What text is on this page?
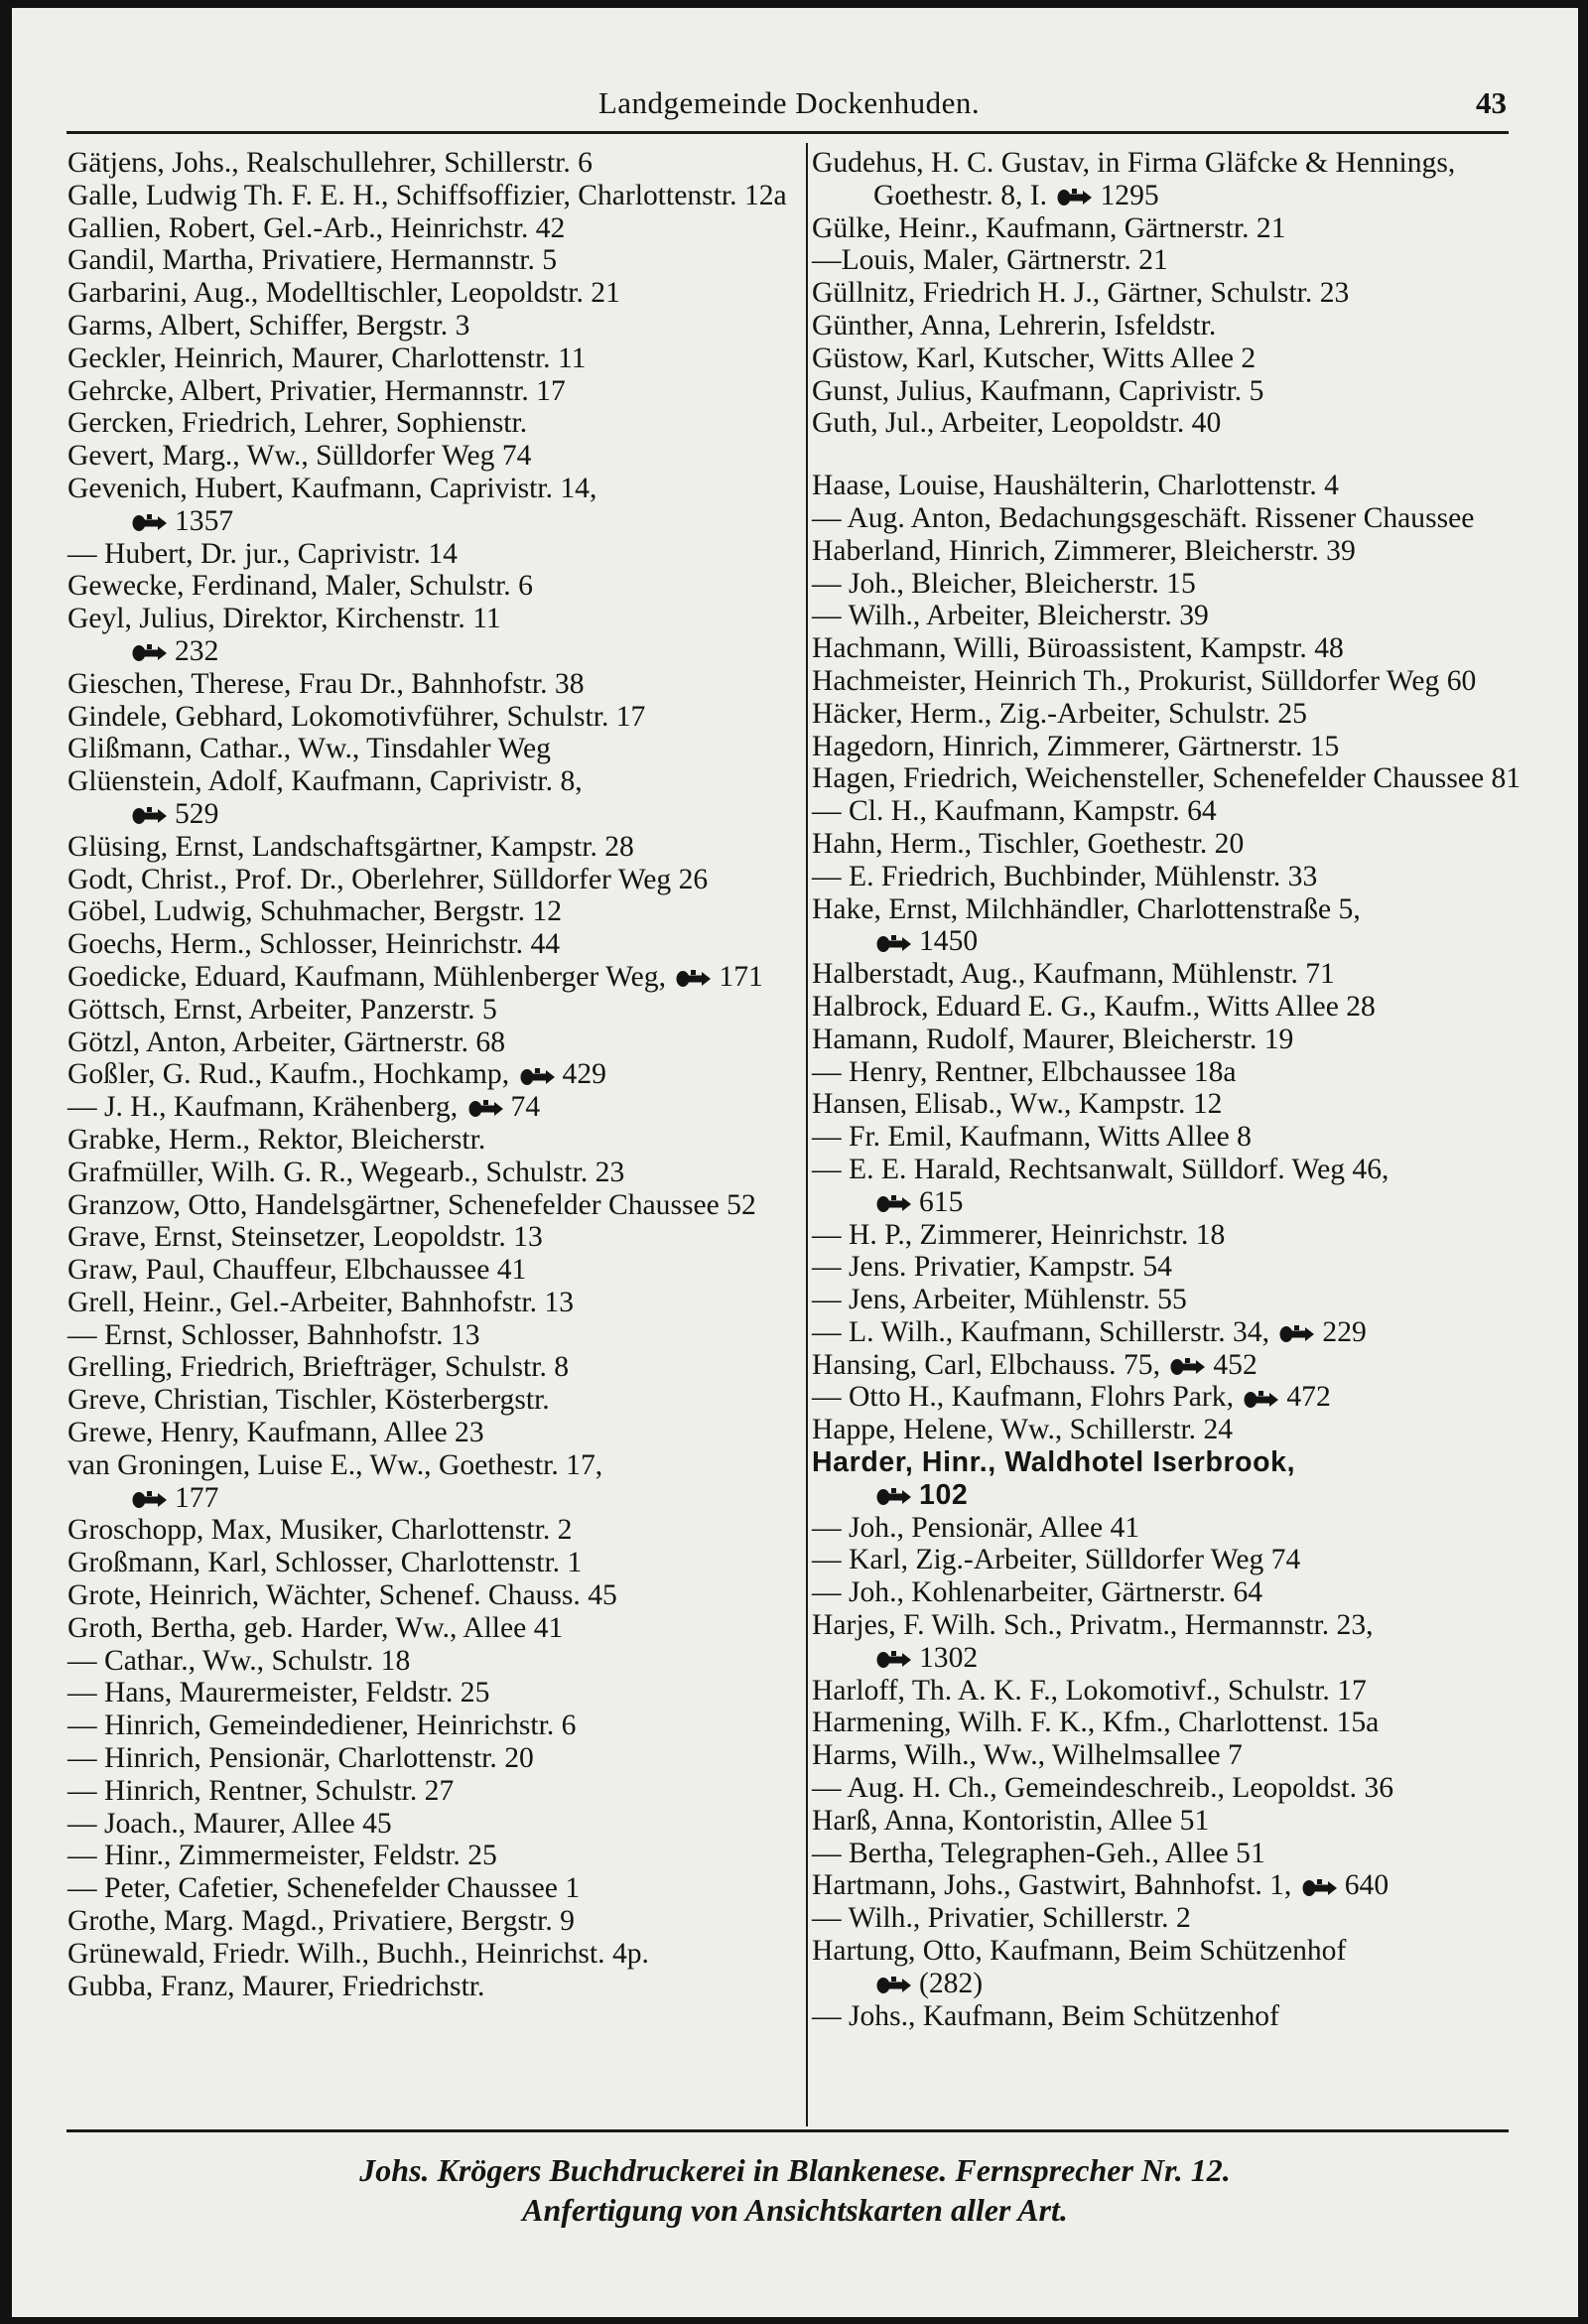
Landgemeinde Dockenhuden.	43
Gätjens, Johs., Realschullehrer, Schillerstr. 6
Galle, Ludwig Th. F. E. H., Schiffsoffizier, Charlottenstr. 12a
Gallien, Robert, Gel.-Arb., Heinrichstr. 42
Gandil, Martha, Privatiere, Hermannstr. 5
Garbarini, Aug., Modelltischler, Leopoldstr. 21
Garms, Albert, Schiffer, Bergstr. 3
Geckler, Heinrich, Maurer, Charlottenstr. 11
Gehrcke, Albert, Privatier, Hermannstr. 17
Gercken, Friedrich, Lehrer, Sophienstr.
Gevert, Marg., Ww., Sülldorfer Weg 74
Gevenich, Hubert, Kaufmann, Caprivistr. 14,

1357
— Hubert, Dr. jur., Caprivistr. 14
Gewecke, Ferdinand, Maler, Schulstr. 6
Geyl, Julius, Direktor, Kirchenstr. 11

232
Gieschen, Therese, Frau Dr., Bahnhofstr. 38
Gindele, Gebhard, Lokomotivführer, Schulstr. 17
Glißmann, Cathar., Ww., Tinsdahler Weg
Glüenstein, Adolf, Kaufmann, Caprivistr. 8,

529
Glüsing, Ernst, Landschaftsgärtner, Kampstr. 28
Godt, Christ., Prof. Dr., Oberlehrer, Sülldorfer Weg 26
Göbel, Ludwig, Schuhmacher, Bergstr. 12
Goechs, Herm., Schlosser, Heinrichstr. 44
Goedicke, Eduard, Kaufmann, Mühlenberger Weg, 171
Göttsch, Ernst, Arbeiter, Panzerstr. 5
Götzl, Anton, Arbeiter, Gärtnerstr. 68
Goßler, G. Rud., Kaufm., Hochkamp, 429
— J. H., Kaufmann, Krähenberg, 74
Grabke, Herm., Rektor, Bleicherstr.
Grafmüller, Wilh. G. R., Wegearb., Schulstr. 23
Granzow, Otto, Handelsgärtner, Schenefelder Chaussee 52
Grave, Ernst, Steinsetzer, Leopoldstr. 13
Graw, Paul, Chauffeur, Elbchaussee 41
Grell, Heinr., Gel.-Arbeiter, Bahnhofstr. 13
— Ernst, Schlosser, Bahnhofstr. 13
Grelling, Friedrich, Briefträger, Schulstr. 8
Greve, Christian, Tischler, Kösterbergstr.
Grewe, Henry, Kaufmann, Allee 23
van Groningen, Luise E., Ww., Goethestr. 17,

177
Groschopp, Max, Musiker, Charlottenstr. 2
Großmann, Karl, Schlosser, Charlottenstr. 1
Grote, Heinrich, Wächter, Schenef. Chauss. 45
Groth, Bertha, geb. Harder, Ww., Allee 41
— Cathar., Ww., Schulstr. 18
— Hans, Maurermeister, Feldstr. 25
— Hinrich, Gemeindediener, Heinrichstr. 6
— Hinrich, Pensionär, Charlottenstr. 20
— Hinrich, Rentner, Schulstr. 27
— Joach., Maurer, Allee 45
— Hinr., Zimmermeister, Feldstr. 25
— Peter, Cafetier, Schenefelder Chaussee 1
Grothe, Marg. Magd., Privatiere, Bergstr. 9
Grünewald, Friedr. Wilh., Buchh., Heinrichst. 4p.
Gubba, Franz, Maurer, Friedrichstr.
Gudehus, H. C. Gustav, in Firma Gläfcke & Hennings, Goethestr. 8, I. 1295
Gülke, Heinr., Kaufmann, Gärtnerstr. 21
—Louis, Maler, Gärtnerstr. 21
Güllnitz, Friedrich H. J., Gärtner, Schulstr. 23
Günther, Anna, Lehrerin, Isfeldstr.
Güstow, Karl, Kutscher, Witts Allee 2
Gunst, Julius, Kaufmann, Caprivistr. 5
Guth, Jul., Arbeiter, Leopoldstr. 40
Haase, Louise, Haushälterin, Charlottenstr. 4
— Aug. Anton, Bedachungsgeschäft. Rissener Chaussee
Haberland, Hinrich, Zimmerer, Bleicherstr. 39
— Joh., Bleicher, Bleicherstr. 15
— Wilh., Arbeiter, Bleicherstr. 39
Hachmann, Willi, Büroassistent, Kampstr. 48
Hachmeister, Heinrich Th., Prokurist, Sülldorfer Weg 60
Häcker, Herm., Zig.-Arbeiter, Schulstr. 25
Hagedorn, Hinrich, Zimmerer, Gärtnerstr. 15
Hagen, Friedrich, Weichensteller, Schenefelder Chaussee 81
— Cl. H., Kaufmann, Kampstr. 64
Hahn, Herm., Tischler, Goethestr. 20
— E. Friedrich, Buchbinder, Mühlenstr. 33
Hake, Ernst, Milchhändler, Charlottenstraße 5,

1450
Halberstadt, Aug., Kaufmann, Mühlenstr. 71
Halbrock, Eduard E. G., Kaufm., Witts Allee 28
Hamann, Rudolf, Maurer, Bleicherstr. 19
— Henry, Rentner, Elbchaussee 18a
Hansen, Elisab., Ww., Kampstr. 12
— Fr. Emil, Kaufmann, Witts Allee 8
— E. E. Harald, Rechtsanwalt, Sülldorf. Weg 46,

615
— H. P., Zimmerer, Heinrichstr. 18
— Jens. Privatier, Kampstr. 54
— Jens, Arbeiter, Mühlenstr. 55
— L. Wilh., Kaufmann, Schillerstr. 34, 229
Hansing, Carl, Elbchauss. 75, 452
— Otto H., Kaufmann, Flohrs Park, 472
Happe, Helene, Ww., Schillerstr. 24
Harder, Hinr., Waldhotel Iserbrook,

102
— Joh., Pensionär, Allee 41
— Karl, Zig.-Arbeiter, Sülldorfer Weg 74
— Joh., Kohlenarbeiter, Gärtnerstr. 64
Harjes, F. Wilh. Sch., Privatm., Hermannstr. 23,

1302
Harloff, Th. A. K. F., Lokomotivf., Schulstr. 17
Harmening, Wilh. F. K., Kfm., Charlottenst. 15a
Harms, Wilh., Ww., Wilhelmsallee 7
— Aug. H. Ch., Gemeindeschreib., Leopoldst. 36
Harß, Anna, Kontoristin, Allee 51
— Bertha, Telegraphen-Geh., Allee 51
Hartmann, Johs., Gastwirt, Bahnhofst. 1, 640
— Wilh., Privatier, Schillerstr. 2
Hartung, Otto, Kaufmann, Beim Schützenhof

(282)
— Johs., Kaufmann, Beim Schützenhof
Johs. Krögers Buchdruckerei in Blankenese. Fernsprecher Nr. 12.
Anfertigung von Ansichtskarten aller Art.
